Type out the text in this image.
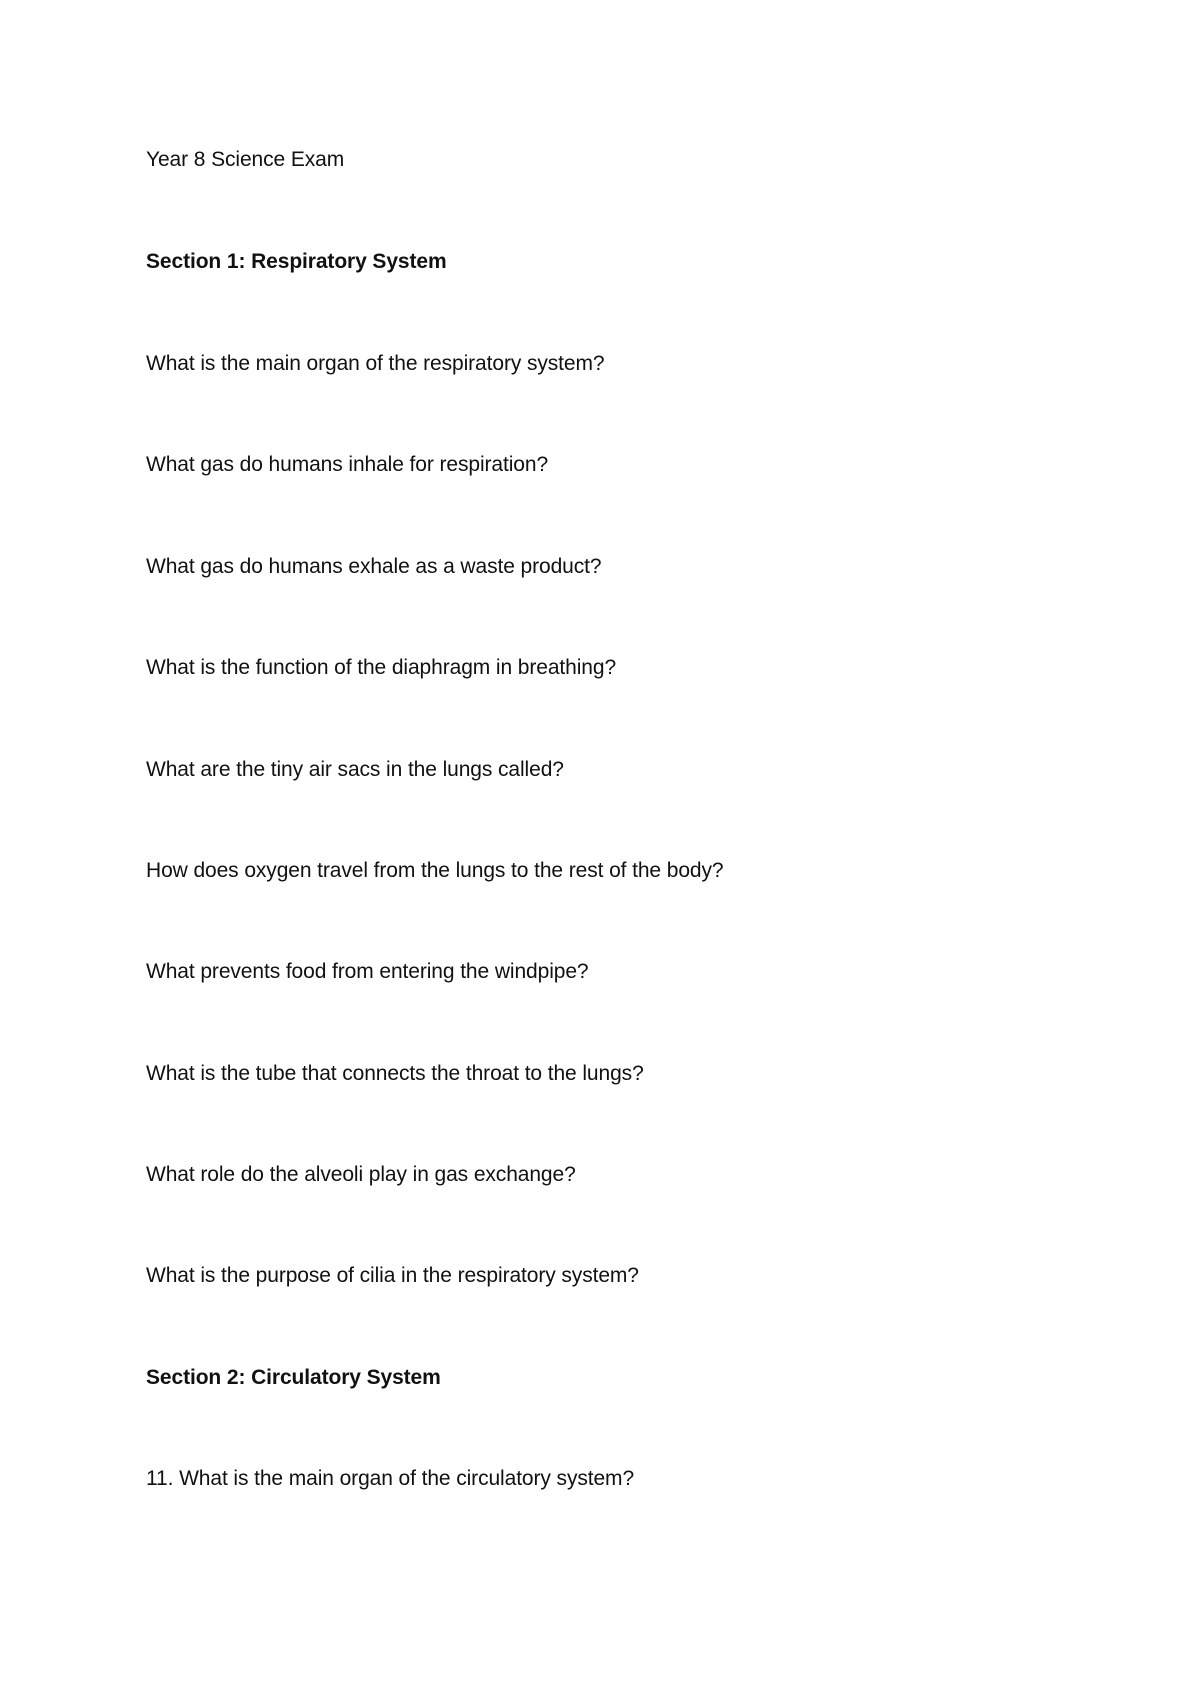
Year 8 Science Exam
Section 1: Respiratory System
What is the main organ of the respiratory system?
What gas do humans inhale for respiration?
What gas do humans exhale as a waste product?
What is the function of the diaphragm in breathing?
What are the tiny air sacs in the lungs called?
How does oxygen travel from the lungs to the rest of the body?
What prevents food from entering the windpipe?
What is the tube that connects the throat to the lungs?
What role do the alveoli play in gas exchange?
What is the purpose of cilia in the respiratory system?
Section 2: Circulatory System
11. What is the main organ of the circulatory system?
